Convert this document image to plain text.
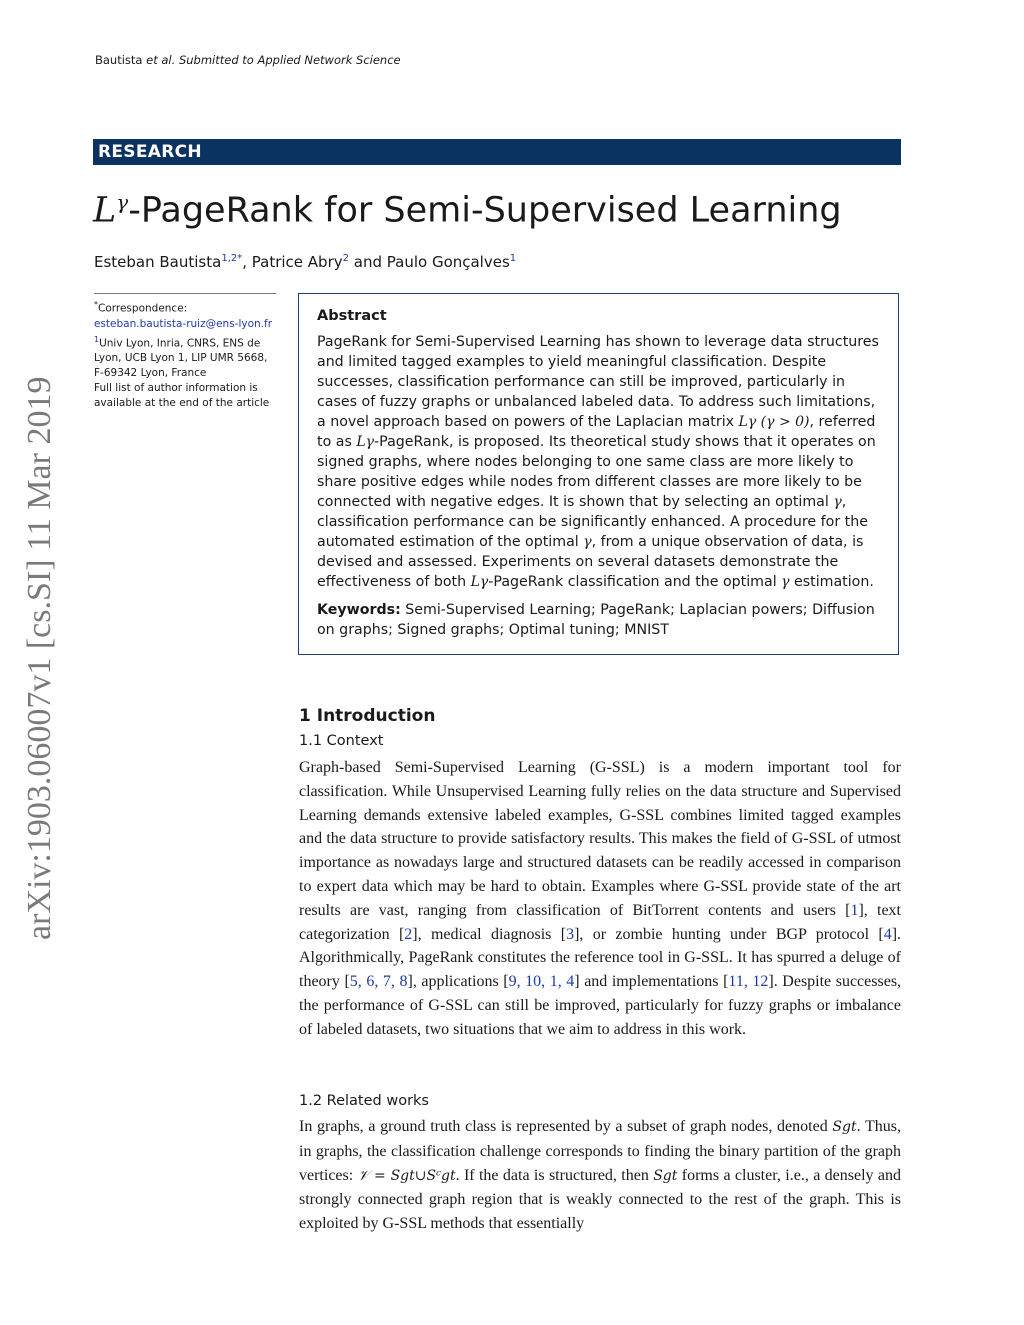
Bautista et al. Submitted to Applied Network Science
RESEARCH
$L^\gamma$-PageRank for Semi-Supervised Learning
Esteban Bautista$^{1,2*}$, Patrice Abry$^2$ and Paulo Gonçalves$^1$
*Correspondence:
esteban.bautista-ruiz@ens-lyon.fr
$^1$Univ Lyon, Inria, CNRS, ENS de Lyon, UCB Lyon 1, LIP UMR 5668, F-69342 Lyon, France
Full list of author information is available at the end of the article
arXiv:1903.06007v1 [cs.SI] 11 Mar 2019
Abstract
PageRank for Semi-Supervised Learning has shown to leverage data structures and limited tagged examples to yield meaningful classification. Despite successes, classification performance can still be improved, particularly in cases of fuzzy graphs or unbalanced labeled data. To address such limitations, a novel approach based on powers of the Laplacian matrix Lγ (γ > 0), referred to as Lγ-PageRank, is proposed. Its theoretical study shows that it operates on signed graphs, where nodes belonging to one same class are more likely to share positive edges while nodes from different classes are more likely to be connected with negative edges. It is shown that by selecting an optimal γ, classification performance can be significantly enhanced. A procedure for the automated estimation of the optimal γ, from a unique observation of data, is devised and assessed. Experiments on several datasets demonstrate the effectiveness of both Lγ-PageRank classification and the optimal γ estimation.
Keywords: Semi-Supervised Learning; PageRank; Laplacian powers; Diffusion on graphs; Signed graphs; Optimal tuning; MNIST
1 Introduction
1.1 Context
Graph-based Semi-Supervised Learning (G-SSL) is a modern important tool for classification. While Unsupervised Learning fully relies on the data structure and Supervised Learning demands extensive labeled examples, G-SSL combines limited tagged examples and the data structure to provide satisfactory results. This makes the field of G-SSL of utmost importance as nowadays large and structured datasets can be readily accessed in comparison to expert data which may be hard to obtain. Examples where G-SSL provide state of the art results are vast, ranging from classification of BitTorrent contents and users [1], text categorization [2], medical diagnosis [3], or zombie hunting under BGP protocol [4]. Algorithmically, PageRank constitutes the reference tool in G-SSL. It has spurred a deluge of theory [5, 6, 7, 8], applications [9, 10, 1, 4] and implementations [11, 12]. Despite successes, the performance of G-SSL can still be improved, particularly for fuzzy graphs or imbalance of labeled datasets, two situations that we aim to address in this work.
1.2 Related works
In graphs, a ground truth class is represented by a subset of graph nodes, denoted Sgt. Thus, in graphs, the classification challenge corresponds to finding the binary partition of the graph vertices: 𝒱 = Sgt∪Sᶜgt. If the data is structured, then Sgt forms a cluster, i.e., a densely and strongly connected graph region that is weakly connected to the rest of the graph. This is exploited by G-SSL methods that essentially
